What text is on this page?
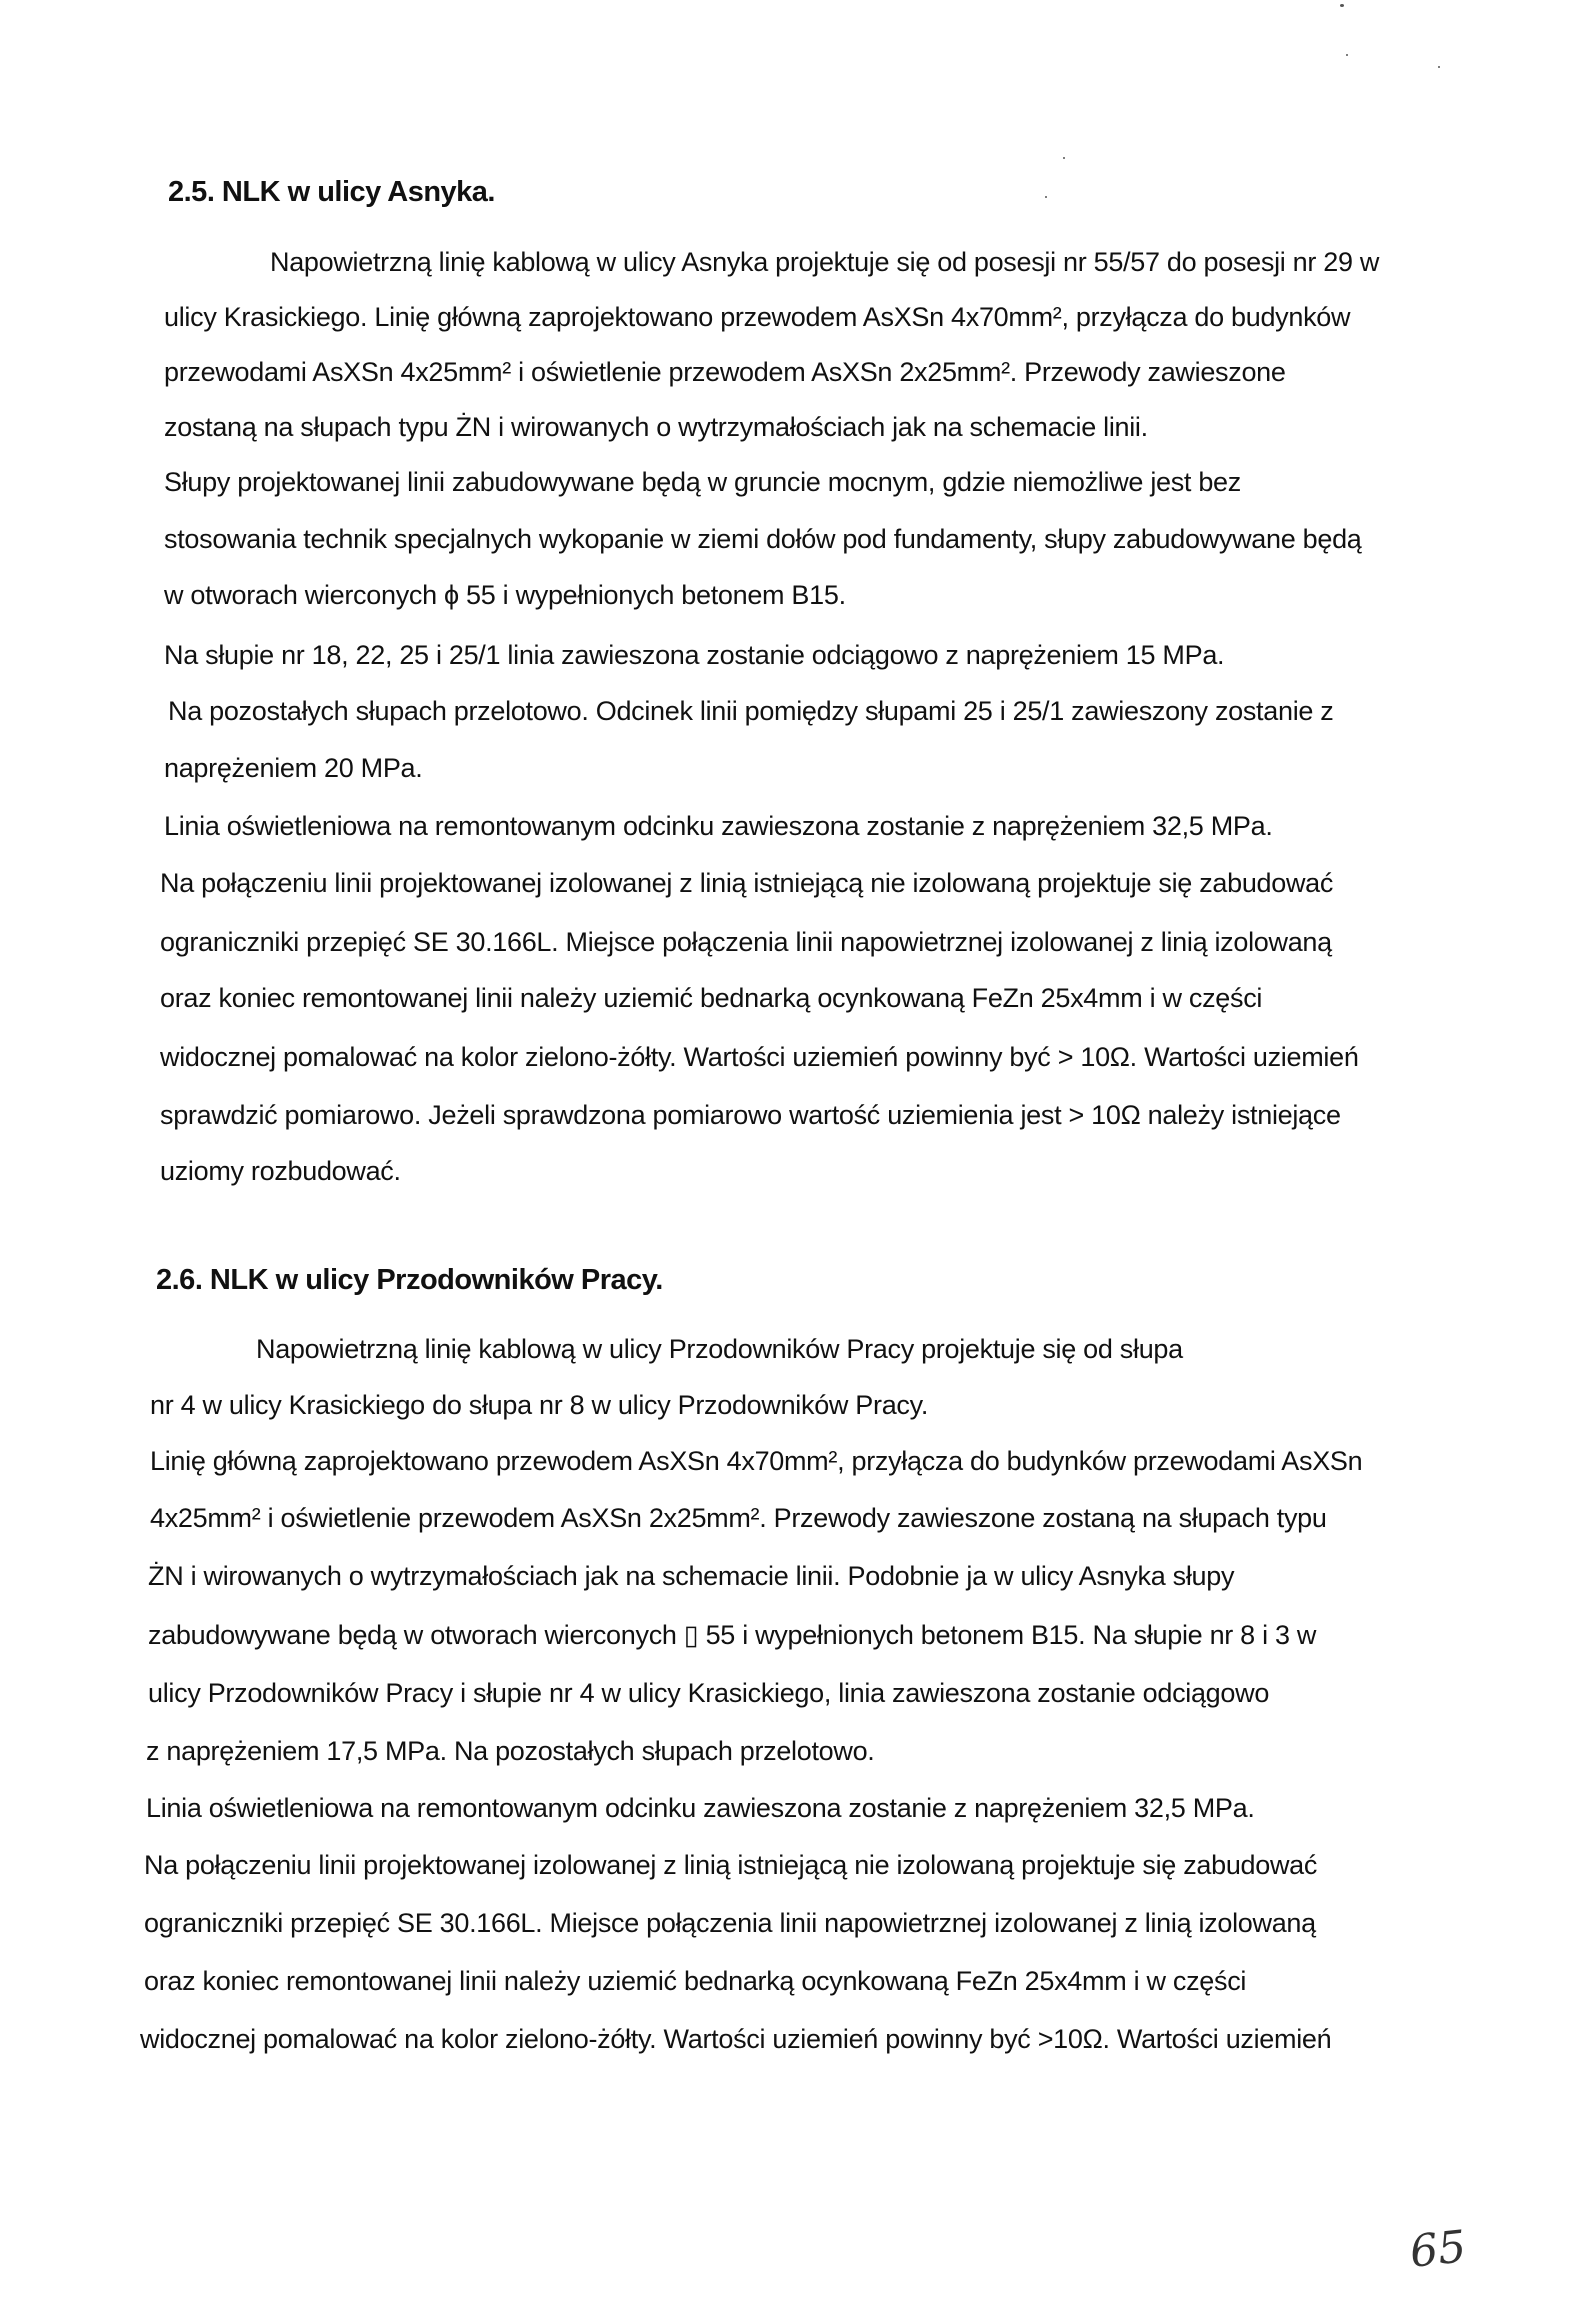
2.5. NLK w ulicy Asnyka.

Napowietrzną linię kablową w ulicy Asnyka projektuje się od posesji nr 55/57 do posesji nr 29 w

ulicy Krasickiego. Linię główną zaprojektowano przewodem AsXSn 4x70mm², przyłącza do budynków

przewodami AsXSn 4x25mm² i oświetlenie przewodem AsXSn 2x25mm². Przewody zawieszone

zostaną na słupach typu ŻN i wirowanych o wytrzymałościach jak na schemacie linii.

Słupy projektowanej linii zabudowywane będą w gruncie mocnym, gdzie niemożliwe jest bez

stosowania technik specjalnych wykopanie w ziemi dołów pod fundamenty, słupy zabudowywane będą

w otworach wierconych ϕ 55 i wypełnionych betonem B15.

Na słupie nr 18, 22, 25 i 25/1 linia zawieszona zostanie odciągowo z naprężeniem 15 MPa.

Na pozostałych słupach przelotowo. Odcinek linii pomiędzy słupami 25 i 25/1 zawieszony zostanie z

naprężeniem 20 MPa.

Linia oświetleniowa na remontowanym odcinku zawieszona zostanie z naprężeniem 32,5 MPa.

Na połączeniu linii projektowanej izolowanej z linią istniejącą nie izolowaną projektuje się zabudować

ograniczniki przepięć SE 30.166L. Miejsce połączenia linii napowietrznej izolowanej z linią izolowaną

oraz koniec remontowanej linii należy uziemić bednarką ocynkowaną FeZn 25x4mm i w części

widocznej pomalować na kolor zielono-żółty. Wartości uziemień powinny być > 10Ω. Wartości uziemień

sprawdzić pomiarowo. Jeżeli sprawdzona pomiarowo wartość uziemienia jest > 10Ω należy istniejące

uziomy rozbudować.

2.6. NLK w ulicy Przodowników Pracy.

Napowietrzną linię kablową w ulicy Przodowników Pracy projektuje się od słupa

nr 4 w ulicy Krasickiego do słupa nr 8 w ulicy Przodowników Pracy.

Linię główną zaprojektowano przewodem AsXSn 4x70mm², przyłącza do budynków przewodami AsXSn

4x25mm² i oświetlenie przewodem AsXSn 2x25mm². Przewody zawieszone zostaną na słupach typu

ŻN i wirowanych o wytrzymałościach jak na schemacie linii. Podobnie ja w ulicy Asnyka słupy

zabudowywane będą w otworach wierconych ▯ 55 i wypełnionych betonem B15. Na słupie nr 8 i 3 w

ulicy Przodowników Pracy i słupie nr 4 w ulicy Krasickiego, linia zawieszona zostanie odciągowo

z naprężeniem 17,5 MPa. Na pozostałych słupach przelotowo.

Linia oświetleniowa na remontowanym odcinku zawieszona zostanie z naprężeniem 32,5 MPa.

Na połączeniu linii projektowanej izolowanej z linią istniejącą nie izolowaną projektuje się zabudować

ograniczniki przepięć SE 30.166L. Miejsce połączenia linii napowietrznej izolowanej z linią izolowaną

oraz koniec remontowanej linii należy uziemić bednarką ocynkowaną FeZn 25x4mm i w części

widocznej pomalować na kolor zielono-żółty. Wartości uziemień powinny być >10Ω. Wartości uziemień

65
